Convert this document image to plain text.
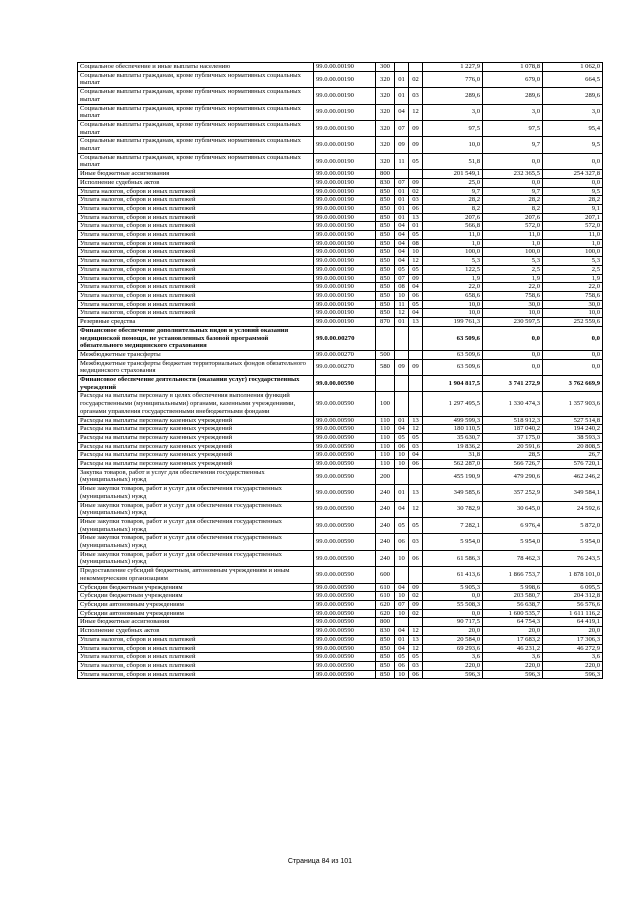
Социальное обеспечение и иные выплаты населению	99.0.00.00190	300			1 227,9	1 078,8	1 062,0
Социальные выплаты гражданам, кроме публичных нормативных социальных выплат	99.0.00.00190	320	01	02	776,0	679,0	664,5
Социальные выплаты гражданам, кроме публичных нормативных социальных выплат	99.0.00.00190	320	01	03	289,6	289,6	289,6
Социальные выплаты гражданам, кроме публичных нормативных социальных выплат	99.0.00.00190	320	04	12	3,0	3,0	3,0
Социальные выплаты гражданам, кроме публичных нормативных социальных выплат	99.0.00.00190	320	07	09	97,5	97,5	95,4
Социальные выплаты гражданам, кроме публичных нормативных социальных выплат	99.0.00.00190	320	09	09	10,0	9,7	9,5
Социальные выплаты гражданам, кроме публичных нормативных социальных выплат	99.0.00.00190	320	11	05	51,8	0,0	0,0
Иные бюджетные ассигнования	99.0.00.00190	800			201 549,1	232 365,5	254 327,8
Исполнение судебных актов	99.0.00.00190	830	07	09	25,0	0,0	0,0
Уплата налогов, сборов и иных платежей	99.0.00.00190	850	01	02	9,7	9,7	9,5
Уплата налогов, сборов и иных платежей	99.0.00.00190	850	01	03	28,2	28,2	28,2
Уплата налогов, сборов и иных платежей	99.0.00.00190	850	01	06	8,2	8,2	9,1
Уплата налогов, сборов и иных платежей	99.0.00.00190	850	01	13	207,6	207,6	207,1
Уплата налогов, сборов и иных платежей	99.0.00.00190	850	04	01	566,8	572,0	572,0
Уплата налогов, сборов и иных платежей	99.0.00.00190	850	04	05	11,0	11,0	11,0
Уплата налогов, сборов и иных платежей	99.0.00.00190	850	04	08	1,0	1,0	1,0
Уплата налогов, сборов и иных платежей	99.0.00.00190	850	04	10	100,0	100,0	100,0
Уплата налогов, сборов и иных платежей	99.0.00.00190	850	04	12	5,3	5,3	5,3
Уплата налогов, сборов и иных платежей	99.0.00.00190	850	05	05	122,5	2,5	2,5
Уплата налогов, сборов и иных платежей	99.0.00.00190	850	07	09	1,9	1,9	1,9
Уплата налогов, сборов и иных платежей	99.0.00.00190	850	08	04	22,0	22,0	22,0
Уплата налогов, сборов и иных платежей	99.0.00.00190	850	10	06	658,6	758,6	758,6
Уплата налогов, сборов и иных платежей	99.0.00.00190	850	11	05	10,0	30,0	30,0
Уплата налогов, сборов и иных платежей	99.0.00.00190	850	12	04	10,0	10,0	10,0
Резервные средства	99.0.00.00190	870	01	13	199 761,3	230 597,5	252 559,6
Финансовое обеспечение дополнительных видов и условий оказания медицинской помощи, не установленных базовой программой обязательного медицинского страхования	99.0.00.00270				63 509,6	0,0	0,0
Межбюджетные трансферты	99.0.00.00270	500			63 509,6	0,0	0,0
Межбюджетные трансферты бюджетам территориальных фондов обязательного медицинского страхования	99.0.00.00270	580	09	09	63 509,6	0,0	0,0
Финансовое обеспечение деятельности (оказания услуг) государственных учреждений	99.0.00.00590				1 904 817,5	3 741 272,9	3 762 669,9
Расходы на выплаты персоналу в целях обеспечения выполнения функций государственными (муниципальными) органами, казенными учреждениями, органами управления государственными внебюджетными фондами	99.0.00.00590	100			1 297 495,5	1 330 474,3	1 357 903,6
Расходы на выплаты персоналу казенных учреждений	99.0.00.00590	110	01	13	499 599,3	518 912,3	527 514,8
Расходы на выплаты персоналу казенных учреждений	99.0.00.00590	110	04	12	180 110,5	187 040,2	194 240,2
Расходы на выплаты персоналу казенных учреждений	99.0.00.00590	110	05	05	35 630,7	37 175,0	38 593,3
Расходы на выплаты персоналу казенных учреждений	99.0.00.00590	110	06	03	19 836,2	20 591,6	20 808,5
Расходы на выплаты персоналу казенных учреждений	99.0.00.00590	110	10	04	31,8	28,5	26,7
Расходы на выплаты персоналу казенных учреждений	99.0.00.00590	110	10	06	562 287,0	566 726,7	576 720,1
Закупка товаров, работ и услуг для обеспечения государственных (муниципальных) нужд	99.0.00.00590	200			455 190,9	479 290,6	462 246,2
Иные закупки товаров, работ и услуг для обеспечения государственных (муниципальных) нужд	99.0.00.00590	240	01	13	349 585,6	357 252,9	349 584,1
Иные закупки товаров, работ и услуг для обеспечения государственных (муниципальных) нужд	99.0.00.00590	240	04	12	30 782,9	30 645,0	24 592,6
Иные закупки товаров, работ и услуг для обеспечения государственных (муниципальных) нужд	99.0.00.00590	240	05	05	7 282,1	6 976,4	5 872,0
Иные закупки товаров, работ и услуг для обеспечения государственных (муниципальных) нужд	99.0.00.00590	240	06	03	5 954,0	5 954,0	5 954,0
Иные закупки товаров, работ и услуг для обеспечения государственных (муниципальных) нужд	99.0.00.00590	240	10	06	61 586,3	78 462,3	76 243,5
Предоставление субсидий бюджетным, автономным учреждениям и иным некоммерческим организациям	99.0.00.00590	600			61 413,6	1 866 753,7	1 878 101,0
Субсидии бюджетным учреждениям	99.0.00.00590	610	04	09	5 905,3	5 998,6	6 095,5
Субсидии бюджетным учреждениям	99.0.00.00590	610	10	02	0,0	203 580,7	204 312,8
Субсидии автономным учреждениям	99.0.00.00590	620	07	09	55 508,3	56 638,7	56 576,6
Субсидии автономным учреждениям	99.0.00.00590	620	10	02	0,0	1 600 535,7	1 611 116,2
Иные бюджетные ассигнования	99.0.00.00590	800			90 717,5	64 754,3	64 419,1
Исполнение судебных актов	99.0.00.00590	830	04	12	20,0	20,0	20,0
Уплата налогов, сборов и иных платежей	99.0.00.00590	850	01	13	20 584,0	17 683,2	17 306,3
Уплата налогов, сборов и иных платежей	99.0.00.00590	850	04	12	69 293,6	46 231,2	46 272,9
Уплата налогов, сборов и иных платежей	99.0.00.00590	850	05	05	3,6	3,6	3,6
Уплата налогов, сборов и иных платежей	99.0.00.00590	850	06	03	220,0	220,0	220,0
Уплата налогов, сборов и иных платежей	99.0.00.00590	850	10	06	596,3	596,3	596,3
Страница 84 из 101
